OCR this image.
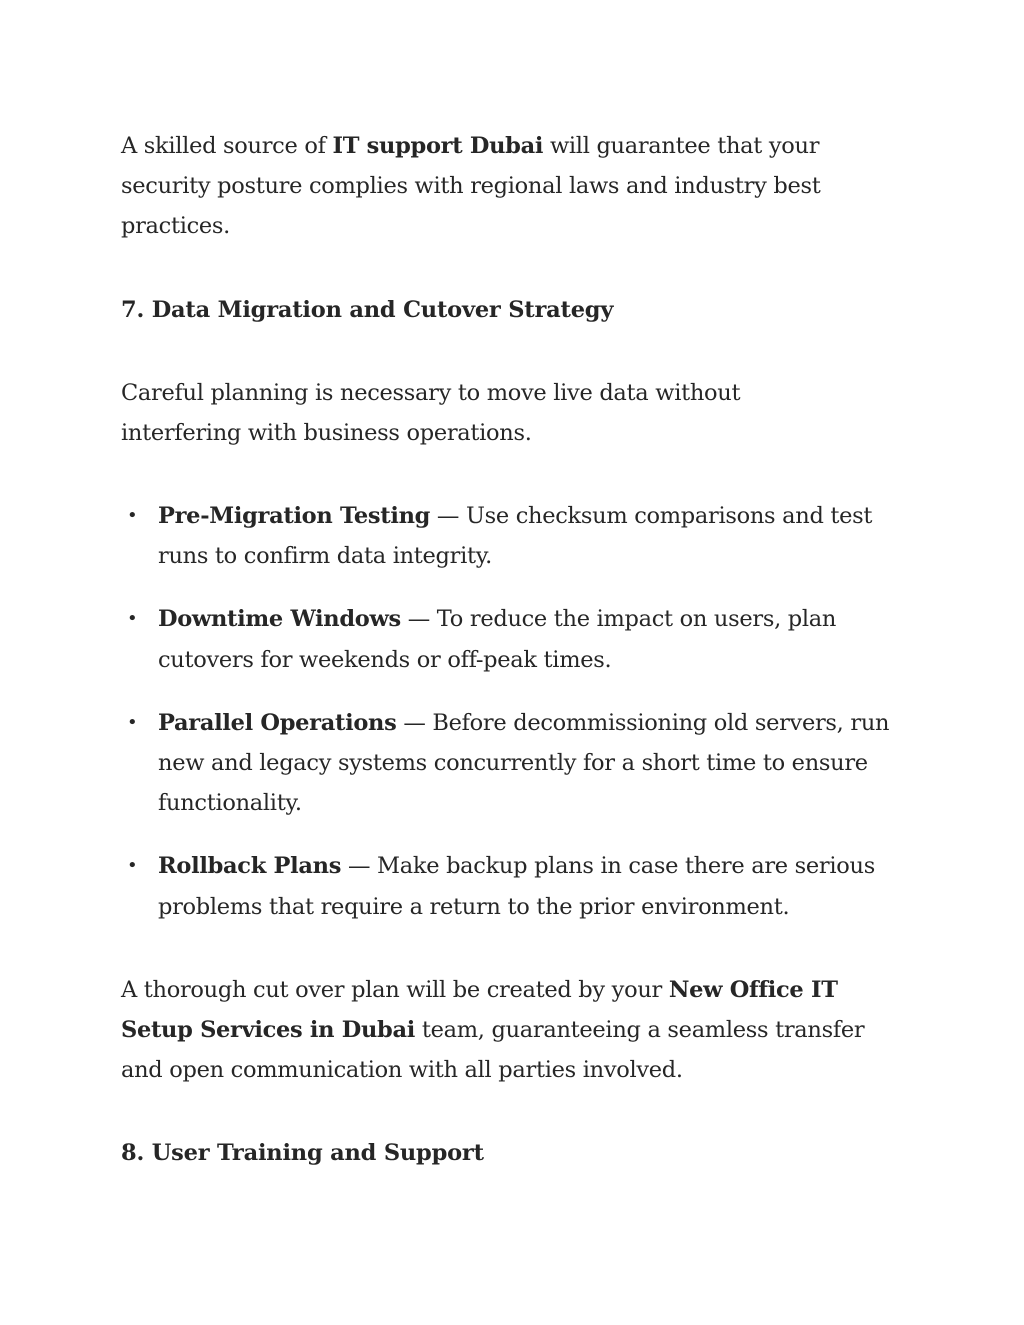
A skilled source of IT support Dubai will guarantee that your security posture complies with regional laws and industry best practices.

7. Data Migration and Cutover Strategy

Careful planning is necessary to move live data without interfering with business operations.

• Pre-Migration Testing — Use checksum comparisons and test runs to confirm data integrity.
• Downtime Windows — To reduce the impact on users, plan cutovers for weekends or off-peak times.
• Parallel Operations — Before decommissioning old servers, run new and legacy systems concurrently for a short time to ensure functionality.
• Rollback Plans — Make backup plans in case there are serious problems that require a return to the prior environment.

A thorough cut over plan will be created by your New Office IT Setup Services in Dubai team, guaranteeing a seamless transfer and open communication with all parties involved.

8. User Training and Support
